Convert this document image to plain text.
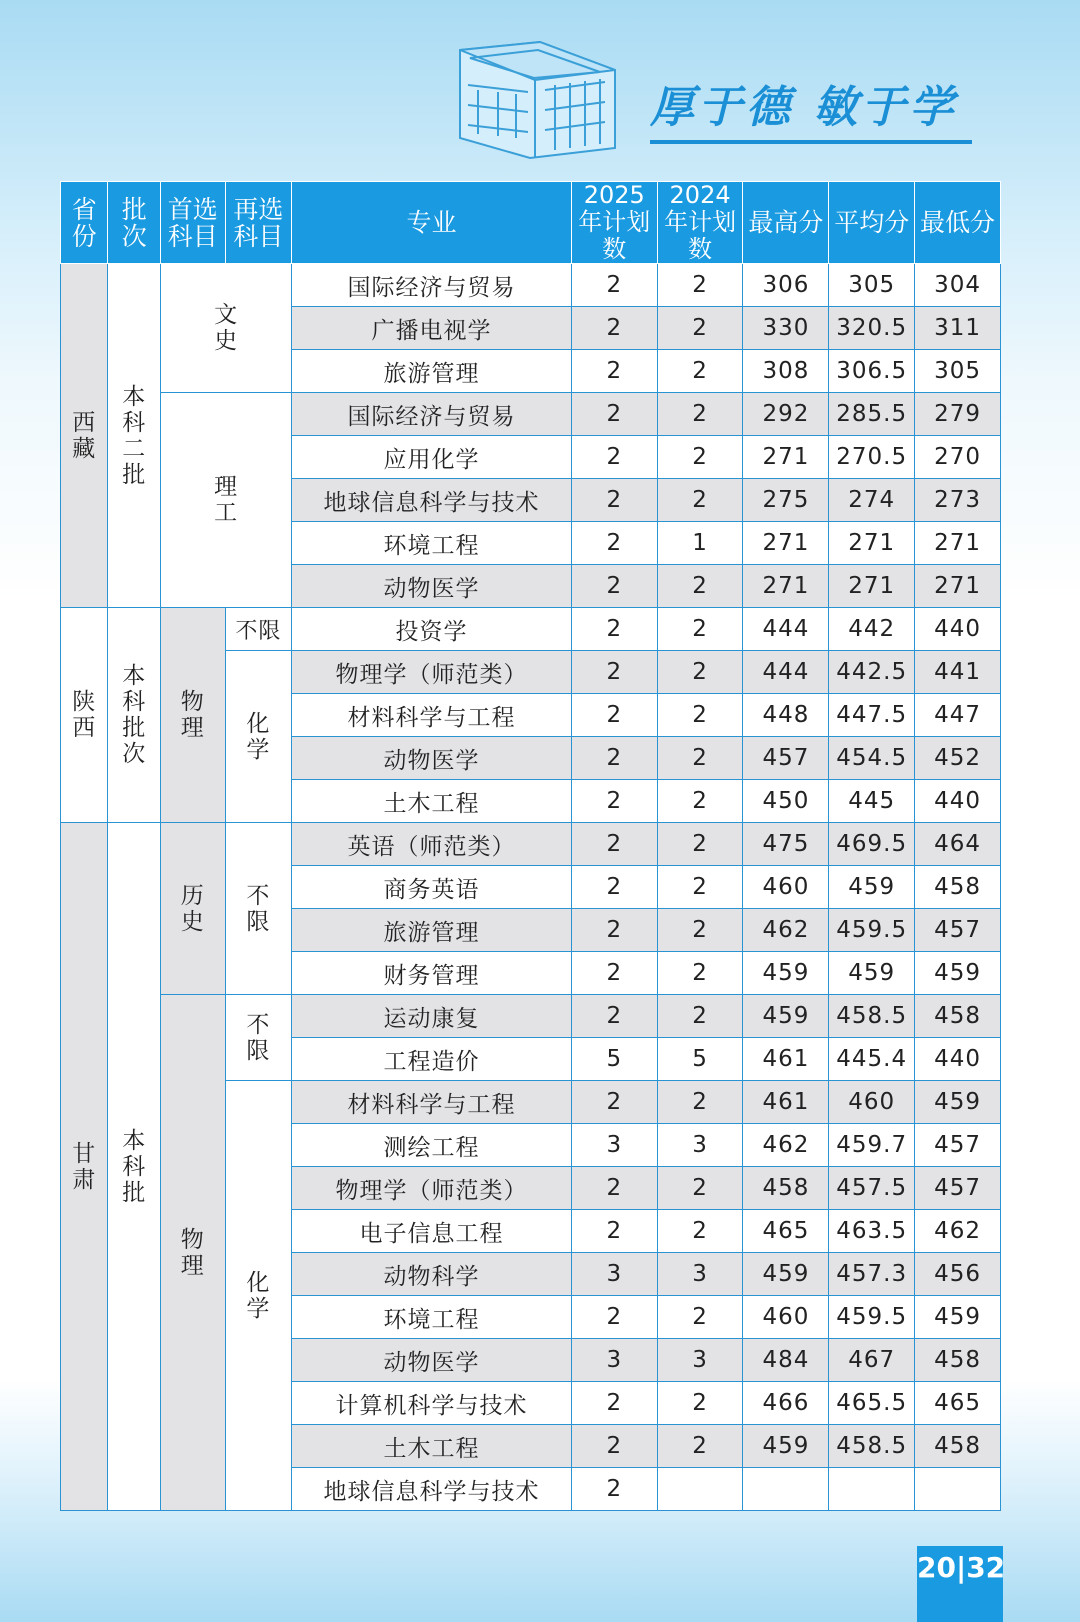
厚于德 敏于学
省份	批次	首选科目	再选科目	专业	2025年计划数	2024年计划数	最高分	平均分	最低分
西藏	本科二批	文史		国际经济与贸易	2	2	306	305	304
				广播电视学	2	2	330	320.5	311
				旅游管理	2	2	308	306.5	305
		理工		国际经济与贸易	2	2	292	285.5	279
				应用化学	2	2	271	270.5	270
				地球信息科学与技术	2	2	275	274	273
				环境工程	2	1	271	271	271
				动物医学	2	2	271	271	271
陕西	本科批次	物理	不限	投资学	2	2	444	442	440
			化学	物理学（师范类）	2	2	444	442.5	441
				材料科学与工程	2	2	448	447.5	447
				动物医学	2	2	457	454.5	452
				土木工程	2	2	450	445	440
甘肃	本科批	历史	不限	英语（师范类）	2	2	475	469.5	464
				商务英语	2	2	460	459	458
				旅游管理	2	2	462	459.5	457
				财务管理	2	2	459	459	459
		物理	不限	运动康复	2	2	459	458.5	458
				工程造价	5	5	461	445.4	440
			化学	材料科学与工程	2	2	461	460	459
				测绘工程	3	3	462	459.7	457
				物理学（师范类）	2	2	458	457.5	457
				电子信息工程	2	2	465	463.5	462
				动物科学	3	3	459	457.3	456
				环境工程	2	2	460	459.5	459
				动物医学	3	3	484	467	458
				计算机科学与技术	2	2	466	465.5	465
				土木工程	2	2	459	458.5	458
				地球信息科学与技术	2				
20|32
